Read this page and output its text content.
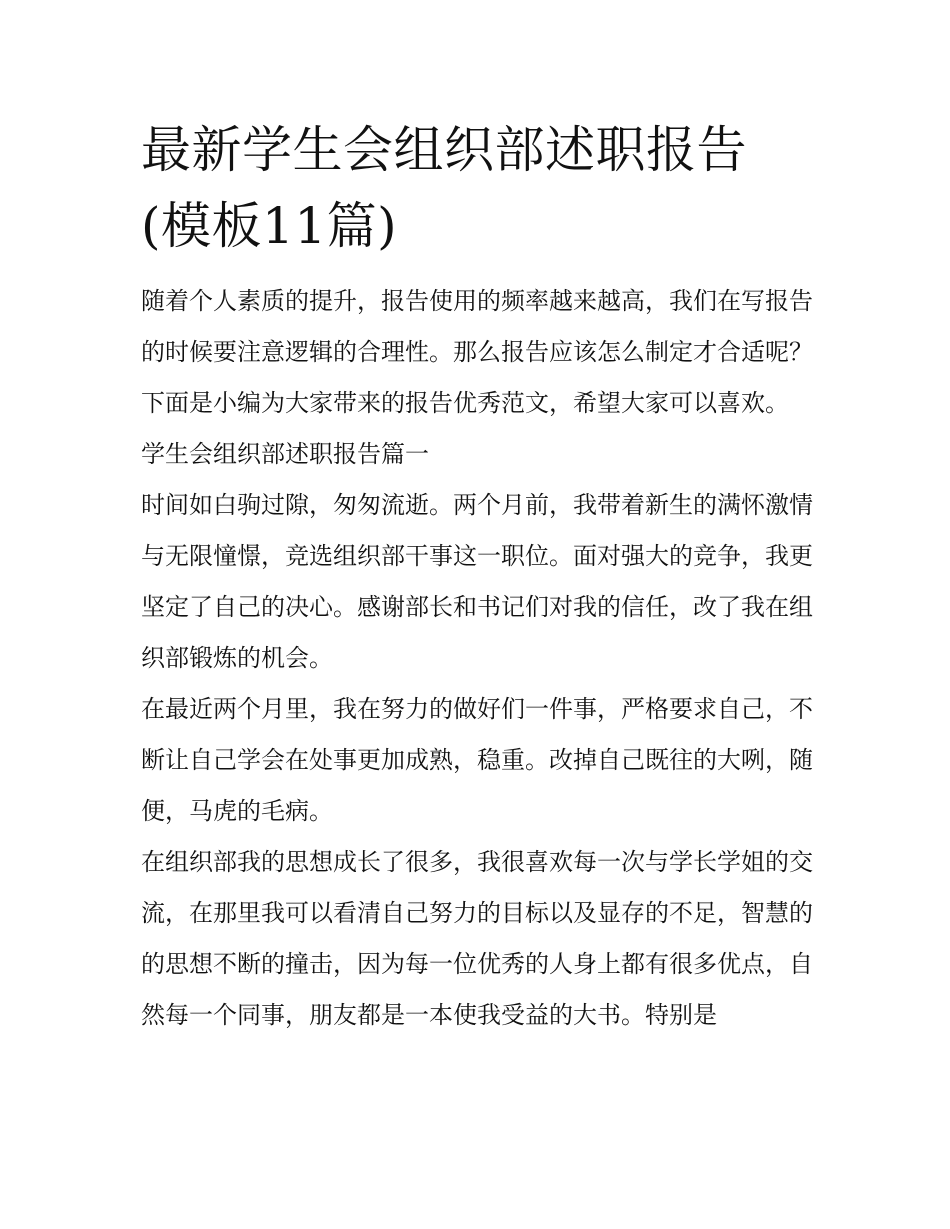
最新学生会组织部述职报告(模板11篇)

随着个人素质的提升，报告使用的频率越来越高，我们在写报告的时候要注意逻辑的合理性。那么报告应该怎么制定才合适呢？下面是小编为大家带来的报告优秀范文，希望大家可以喜欢。

学生会组织部述职报告篇一

时间如白驹过隙，匆匆流逝。两个月前，我带着新生的满怀激情与无限憧憬，竞选组织部干事这一职位。面对强大的竞争，我更坚定了自己的决心。感谢部长和书记们对我的信任，改了我在组织部锻炼的机会。

在最近两个月里，我在努力的做好们一件事，严格要求自己，不断让自己学会在处事更加成熟，稳重。改掉自己既往的大咧，随便，马虎的毛病。

在组织部我的思想成长了很多，我很喜欢每一次与学长学姐的交流，在那里我可以看清自己努力的目标以及显存的不足，智慧的的思想不断的撞击，因为每一位优秀的人身上都有很多优点，自然每一个同事，朋友都是一本使我受益的大书。特别是
